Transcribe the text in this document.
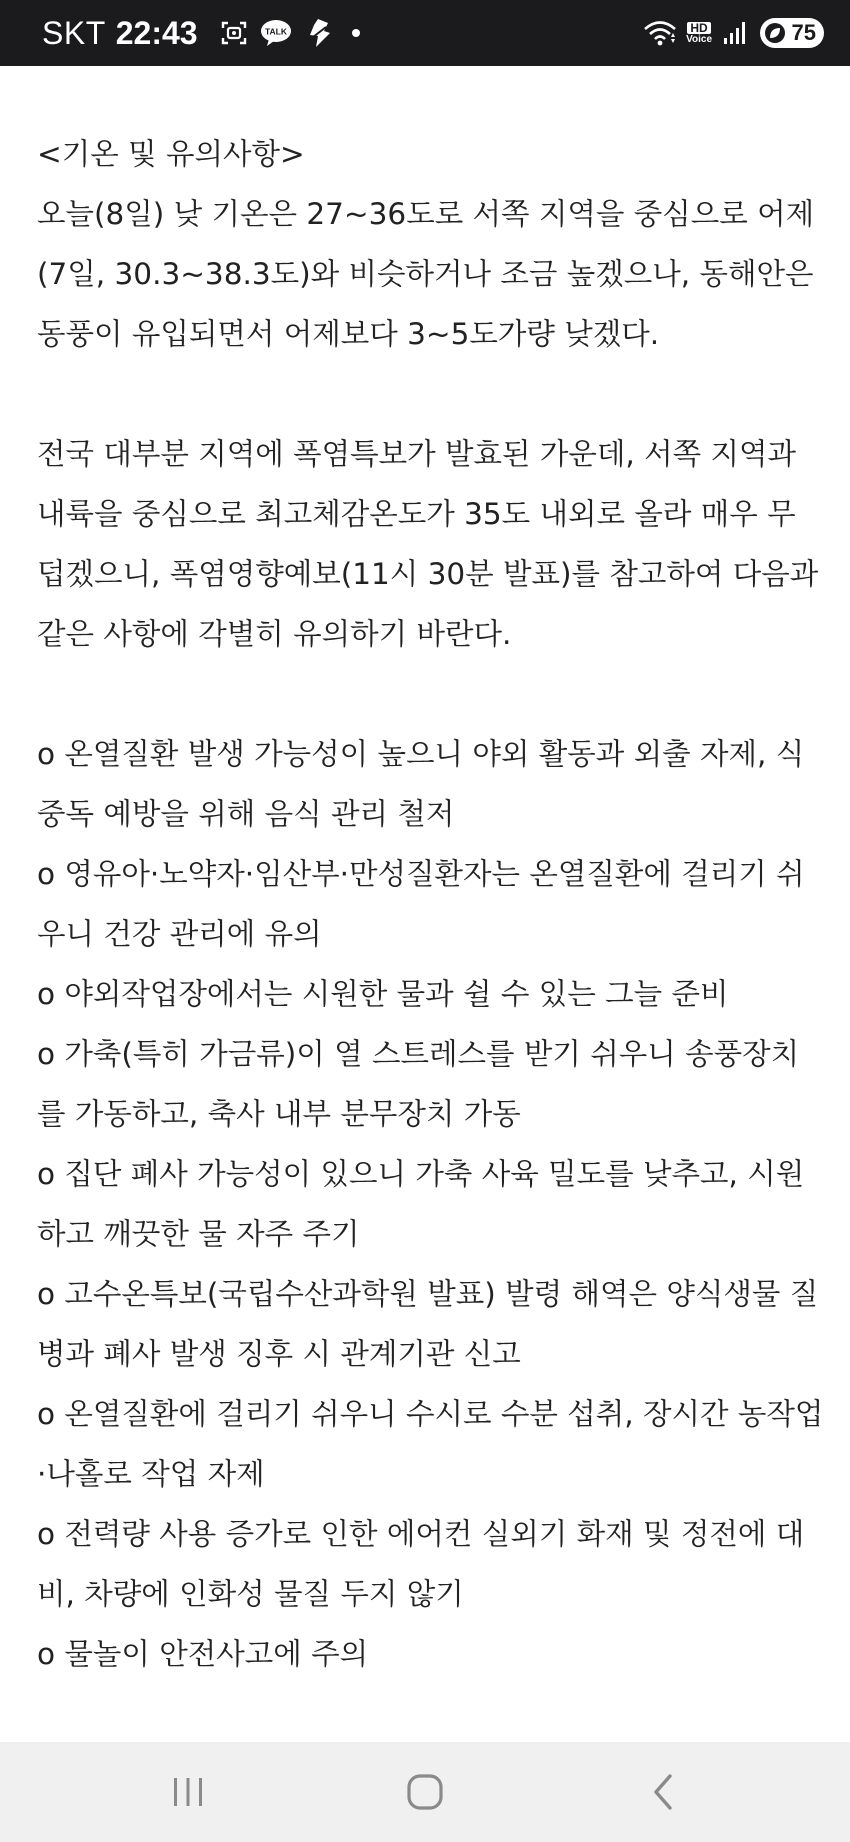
SKT 22:43	TALK	HD
Voice	75
<기온 및 유의사항>
오늘(8일) 낮 기온은 27~36도로 서쪽 지역을 중심으로 어제
(7일, 30.3~38.3도)와 비슷하거나 조금 높겠으나, 동해안은
동풍이 유입되면서 어제보다 3~5도가량 낮겠다.
전국 대부분 지역에 폭염특보가 발효된 가운데, 서쪽 지역과
내륙을 중심으로 최고체감온도가 35도 내외로 올라 매우 무
덥겠으니, 폭염영향예보(11시 30분 발표)를 참고하여 다음과
같은 사항에 각별히 유의하기 바란다.
o 온열질환 발생 가능성이 높으니 야외 활동과 외출 자제, 식
중독 예방을 위해 음식 관리 철저
o 영유아·노약자·임산부·만성질환자는 온열질환에 걸리기 쉬
우니 건강 관리에 유의
o 야외작업장에서는 시원한 물과 쉴 수 있는 그늘 준비
o 가축(특히 가금류)이 열 스트레스를 받기 쉬우니 송풍장치
를 가동하고, 축사 내부 분무장치 가동
o 집단 폐사 가능성이 있으니 가축 사육 밀도를 낮추고, 시원
하고 깨끗한 물 자주 주기
o 고수온특보(국립수산과학원 발표) 발령 해역은 양식생물 질
병과 폐사 발생 징후 시 관계기관 신고
o 온열질환에 걸리기 쉬우니 수시로 수분 섭취, 장시간 농작업
·나홀로 작업 자제
o 전력량 사용 증가로 인한 에어컨 실외기 화재 및 정전에 대
비, 차량에 인화성 물질 두지 않기
o 물놀이 안전사고에 주의
